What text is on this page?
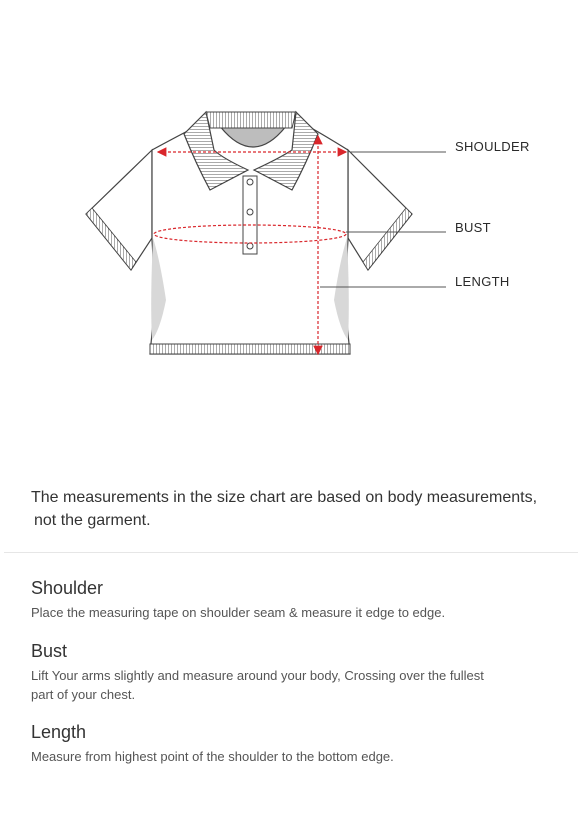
SHOULDER
BUST
LENGTH
The measurements in the size chart are based on body measurements,
not the garment.
Shoulder

Place the measuring tape on shoulder seam & measure it edge to edge.

Bust

Lift Your arms slightly and measure around your body, Crossing over the fullest
part of your chest.

Length

Measure from highest point of the shoulder to the bottom edge.
